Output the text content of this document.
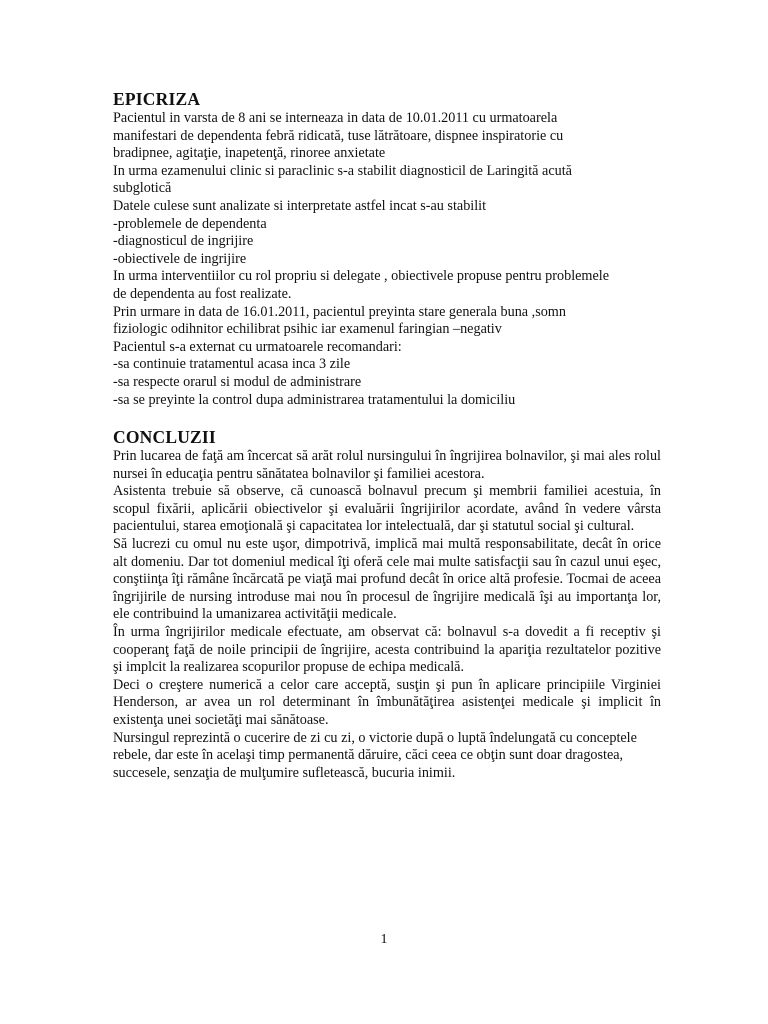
EPICRIZA

Pacientul in varsta de 8 ani se interneaza in data de 10.01.2011 cu urmatoarela

manifestari de dependenta febră ridicată, tuse lătrătoare, dispnee inspiratorie cu

bradipnee, agitaţie, inapetenţă, rinoree anxietate

In urma ezamenului clinic si paraclinic s-a stabilit diagnosticil de Laringită acută

subglotică

Datele culese sunt analizate si interpretate astfel incat s-au stabilit

-problemele de dependenta

-diagnosticul de ingrijire

-obiectivele de ingrijire

In urma interventiilor cu rol propriu si delegate , obiectivele propuse pentru problemele

de dependenta au fost realizate.

Prin urmare in data de 16.01.2011, pacientul preyinta stare generala buna ,somn

fiziologic odihnitor echilibrat psihic iar examenul faringian –negativ

Pacientul s-a externat cu urmatoarele recomandari:

-sa continuie tratamentul acasa inca 3 zile

-sa respecte orarul si modul de administrare

-sa se preyinte la control dupa administrarea tratamentului la domiciliu

CONCLUZII

Prin lucarea de faţă am încercat să arăt rolul nursingului în îngrijirea bolnavilor, şi mai ales rolul nursei în educaţia pentru sănătatea bolnavilor şi familiei acestora.

Asistenta trebuie să observe, că cunoască bolnavul precum şi membrii familiei acestuia, în scopul fixării, aplicării obiectivelor şi evaluării îngrijirilor acordate, având în vedere vârsta pacientului, starea emoţională şi capacitatea lor intelectuală, dar şi statutul social şi cultural.

Să lucrezi cu omul nu este uşor, dimpotrivă, implică mai multă responsabilitate, decât în orice alt domeniu. Dar tot domeniul medical îţi oferă cele mai multe satisfacţii sau în cazul unui eşec, conştiinţa îţi rămâne încărcată pe viaţă mai profund decât în orice altă profesie. Tocmai de aceea îngrijirile de nursing introduse mai nou în procesul de îngrijire medicală îşi au importanţa lor, ele contribuind la umanizarea activităţii medicale.

În urma îngrijirilor medicale efectuate, am observat că: bolnavul s-a dovedit a fi receptiv şi cooperanţ faţă de noile principii de îngrijire, acesta contribuind la apariţia rezultatelor pozitive şi implcit la realizarea scopurilor propuse de echipa medicală.

Deci o creştere numerică a celor care acceptă, susţin şi pun în aplicare principiile Virginiei Henderson, ar avea un rol determinant în îmbunătăţirea asistenţei medicale şi implicit în existenţa unei societăţi mai sănătoase.

Nursingul reprezintă o cucerire de zi cu zi, o victorie după o luptă îndelungată cu conceptele rebele, dar este în acelaşi timp permanentă dăruire, căci ceea ce obţin sunt doar dragostea, succesele, senzaţia de mulţumire sufletească, bucuria inimii.

1
